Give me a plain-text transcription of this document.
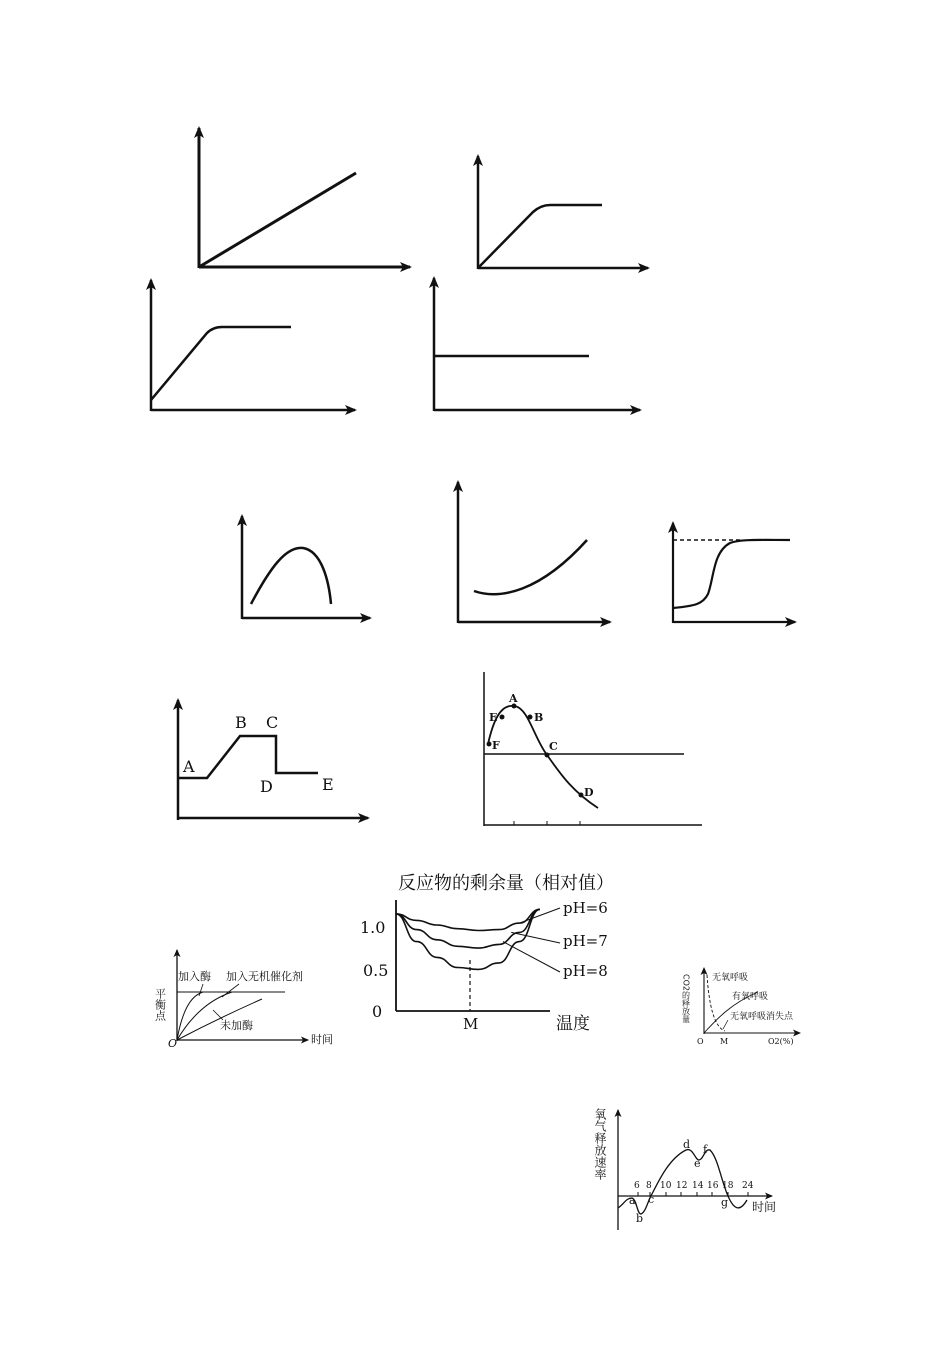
A
B C
D	E
A
B
C
D
E
F
平衡点
加入酶 加入无机催化剂
未加酶
O	时间
反应物的剩余量（相对值）
1.0
0.5
0
M	温度
pH=6
pH=7
pH=8
CO2的释放量 无氧呼吸
有氧呼吸
无氧呼吸消失点
O M	O2(%)
氧气释放速率
时间
6 8 10 12 14 16 18 24
a
b
c
d
e
f
g
